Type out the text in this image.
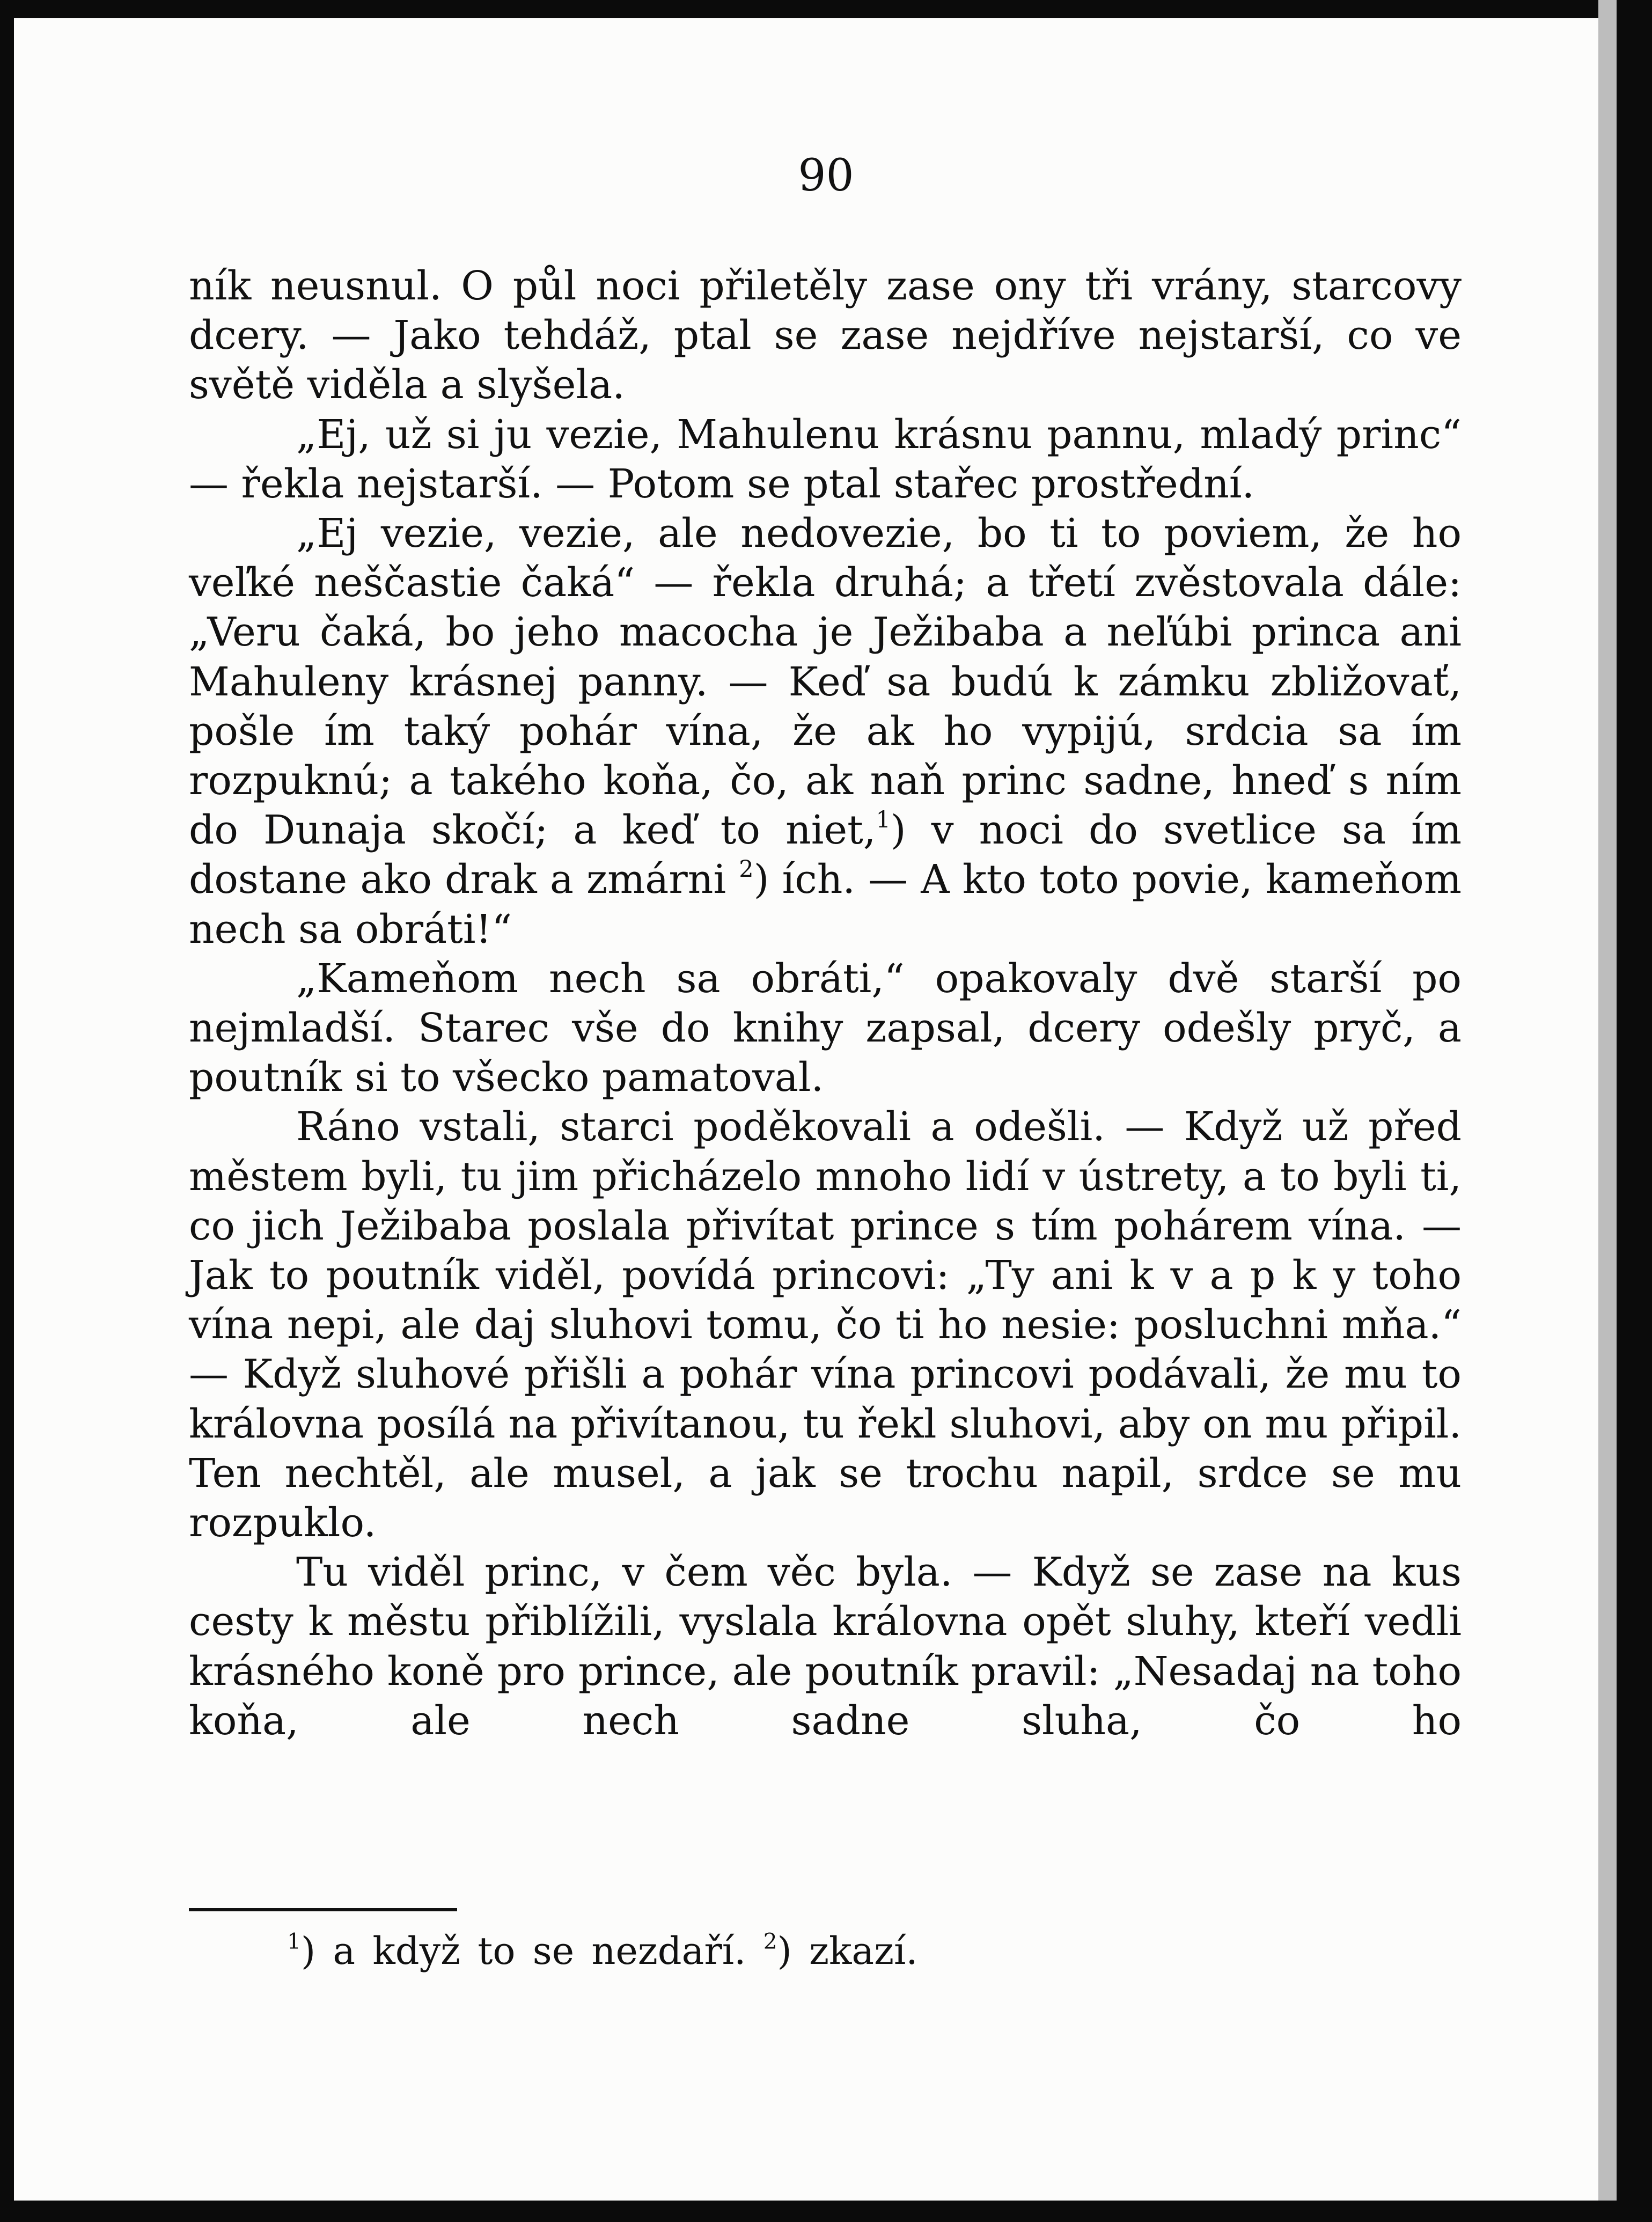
90

ník neusnul. O půl noci přiletěly zase ony tři vrány, starcovy dcery. — Jako tehdáž, ptal se zase nejdříve nejstarší, co ve světě viděla a slyšela.

„Ej, už si ju vezie, Mahulenu krásnu pannu, mladý princ“ — řekla nejstarší. — Potom se ptal stařec prostřední.

„Ej vezie, vezie, ale nedovezie, bo ti to poviem, že ho veľké neščastie čaká“ — řekla druhá; a třetí zvěstovala dále: „Veru čaká, bo jeho macocha je Ježibaba a neľúbi princa ani Mahuleny krásnej panny. — Keď sa budú k zámku zbližovať, pošle ím taký pohár vína, že ak ho vypijú, srdcia sa ím rozpuknú; a takého koňa, čo, ak naň princ sadne, hneď s ním do Dunaja skočí; a keď to niet,$^1$) v noci do svetlice sa ím dostane ako drak a zmárni $^2$) ích. — A kto toto povie, kameňom nech sa obráti!“

„Kameňom nech sa obráti,“ opakovaly dvě starší po nejmladší. Starec vše do knihy zapsal, dcery odešly pryč, a poutník si to všecko pamatoval.

Ráno vstali, starci poděkovali a odešli. — Když už před městem byli, tu jim přicházelo mnoho lidí v ústrety, a to byli ti, co jich Ježibaba poslala přivítat prince s tím pohárem vína. — Jak to poutník viděl, povídá princovi: „Ty ani k v a p k y toho vína nepi, ale daj sluhovi tomu, čo ti ho nesie: posluchni mňa.“ — Když sluhové přišli a pohár vína princovi podávali, že mu to královna posílá na přivítanou, tu řekl sluhovi, aby on mu připil. Ten nechtěl, ale musel, a jak se trochu napil, srdce se mu rozpuklo.

Tu viděl princ, v čem věc byla. — Když se zase na kus cesty k městu přiblížili, vyslala královna opět sluhy, kteří vedli krásného koně pro prince, ale poutník pravil: „Nesadaj na toho koňa, ale nech sadne sluha, čo ho

$^1$) a když to se nezdaří. $^2$) zkazí.
